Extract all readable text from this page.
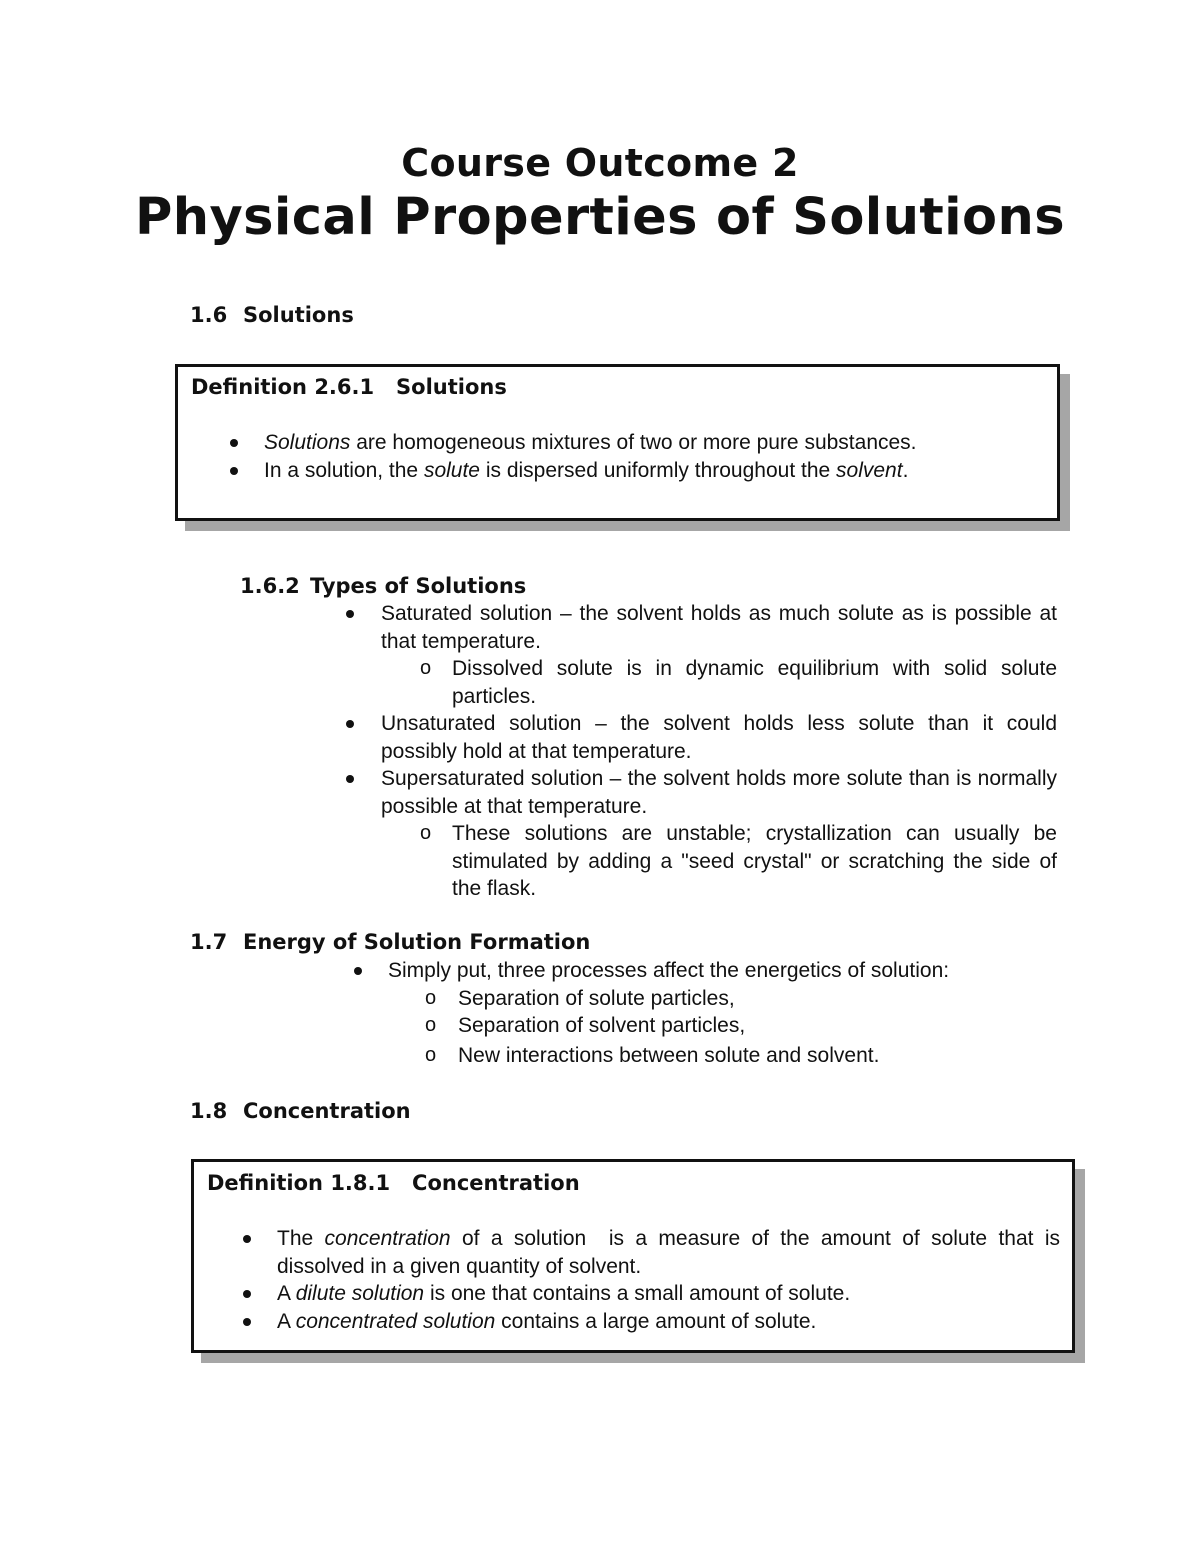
Course Outcome 2
Physical Properties of Solutions
1.6 Solutions
Definition 2.6.1   Solutions
Solutions are homogeneous mixtures of two or more pure substances.
In a solution, the solute is dispersed uniformly throughout the solvent.
1.6.2 Types of Solutions
Saturated solution – the solvent holds as much solute as is possible at that temperature.
o Dissolved solute is in dynamic equilibrium with solid solute particles.
Unsaturated solution – the solvent holds less solute than it could possibly hold at that temperature.
Supersaturated solution – the solvent holds more solute than is normally possible at that temperature.
o These solutions are unstable; crystallization can usually be stimulated by adding a "seed crystal" or scratching the side of the flask.
1.7 Energy of Solution Formation
Simply put, three processes affect the energetics of solution:
o Separation of solute particles,
o Separation of solvent particles,
o New interactions between solute and solvent.
1.8 Concentration
Definition 1.8.1   Concentration
The concentration of a solution  is a measure of the amount of solute that is dissolved in a given quantity of solvent.
A dilute solution is one that contains a small amount of solute.
A concentrated solution contains a large amount of solute.
